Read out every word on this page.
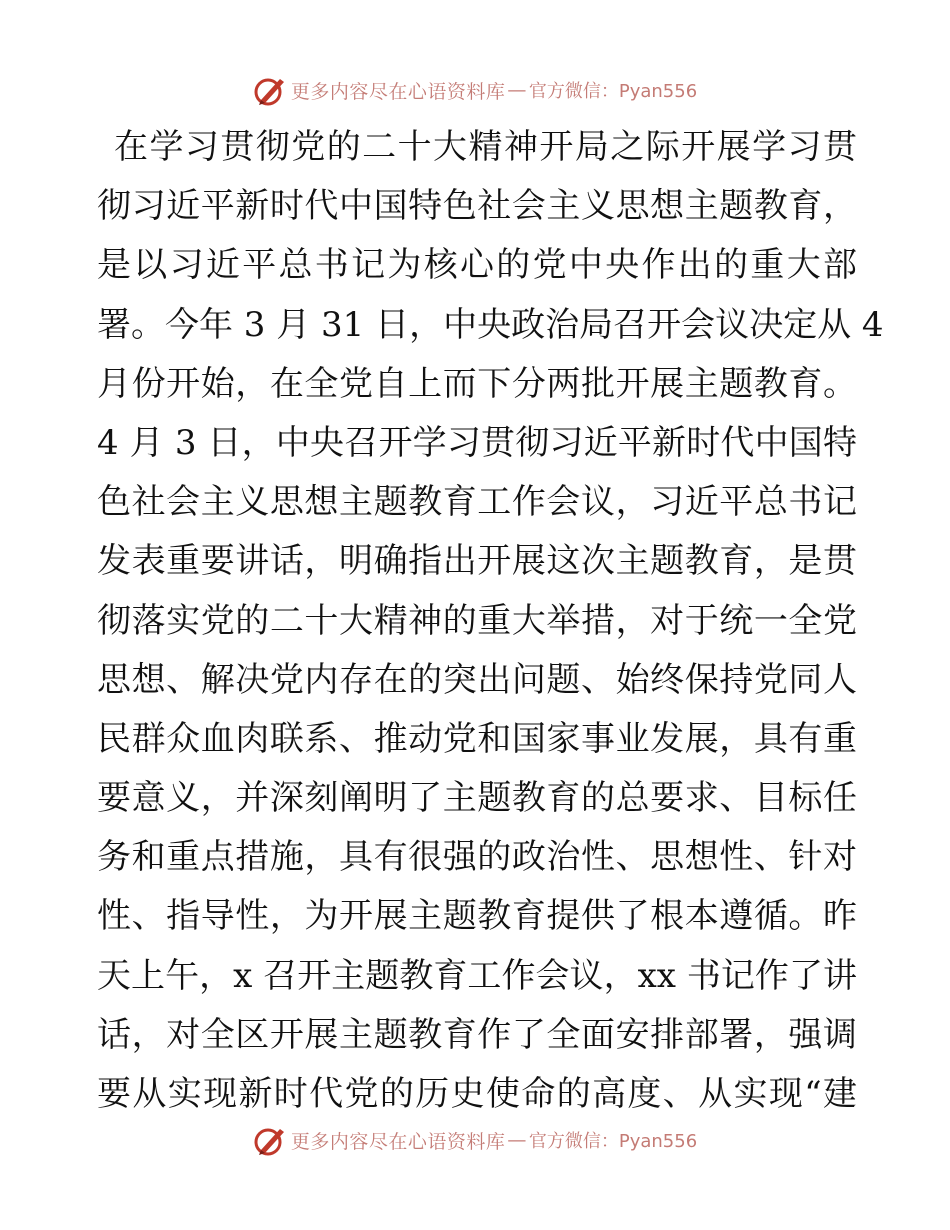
更多内容尽在心语资料库 — 官方微信：Pyan556
在学习贯彻党的二十大精神开局之际开展学习贯
彻习近平新时代中国特色社会主义思想主题教育，
是以习近平总书记为核心的党中央作出的重大部
署。今年 3 月 31 日，中央政治局召开会议决定从 4
月份开始，在全党自上而下分两批开展主题教育。
4 月 3 日，中央召开学习贯彻习近平新时代中国特
色社会主义思想主题教育工作会议，习近平总书记
发表重要讲话，明确指出开展这次主题教育，是贯
彻落实党的二十大精神的重大举措，对于统一全党
思想、解决党内存在的突出问题、始终保持党同人
民群众血肉联系、推动党和国家事业发展，具有重
要意义，并深刻阐明了主题教育的总要求、目标任
务和重点措施，具有很强的政治性、思想性、针对
性、指导性，为开展主题教育提供了根本遵循。昨
天上午，x 召开主题教育工作会议，xx 书记作了讲
话，对全区开展主题教育作了全面安排部署，强调
要从实现新时代党的历史使命的高度、从实现“建
更多内容尽在心语资料库 — 官方微信：Pyan556
